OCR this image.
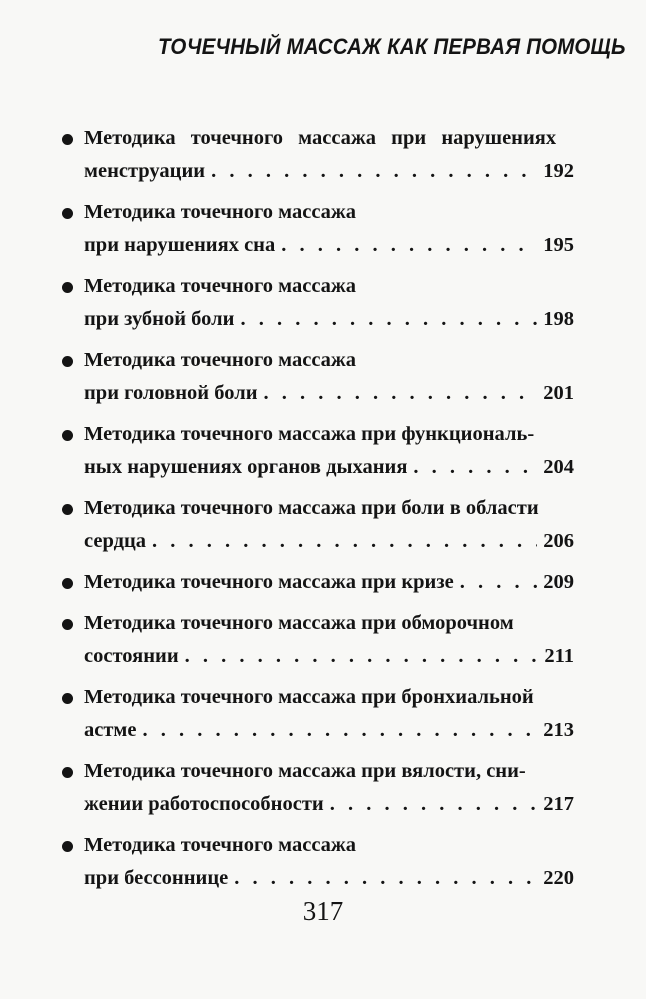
ТОЧЕЧНЫЙ МАССАЖ КАК ПЕРВАЯ ПОМОЩЬ
Методика точечного массажа при нарушениях
менструации . . .	192
Методика точечного массажа
при нарушениях сна . . .	195
Методика точечного массажа
при зубной боли . . .	198
Методика точечного массажа
при головной боли . . .	201
Методика точечного массажа при функциональ-
ных нарушениях органов дыхания . . .	204
Методика точечного массажа при боли в области
сердца . . .	206
Методика точечного массажа при кризе . . .	209
Методика точечного массажа при обморочном
состоянии . . .	211
Методика точечного массажа при бронхиальной
астме . . .	213
Методика точечного массажа при вялости, сни-
жении работоспособности . . .	217
Методика точечного массажа
при бессоннице . . .	220
317
